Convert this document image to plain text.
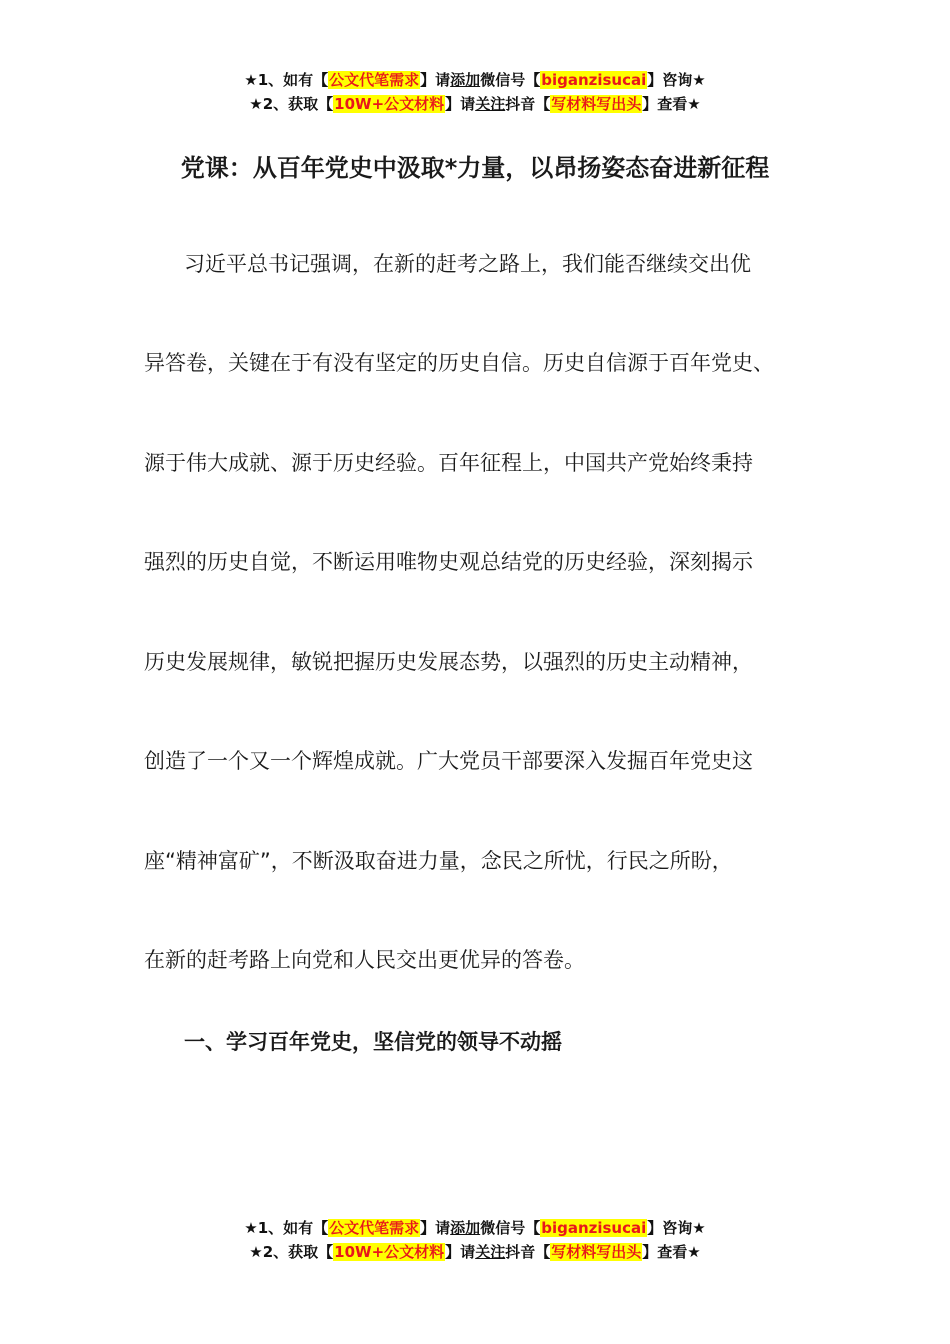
★1、如有【公文代笔需求】请添加微信号【biganzisucai】咨询★
★2、获取【10W+公文材料】请关注抖音【写材料写出头】查看★
党课：从百年党史中汲取*力量，以昂扬姿态奋进新征程
习近平总书记强调，在新的赶考之路上，我们能否继续交出优
异答卷，关键在于有没有坚定的历史自信。历史自信源于百年党史、
源于伟大成就、源于历史经验。百年征程上，中国共产党始终秉持
强烈的历史自觉，不断运用唯物史观总结党的历史经验，深刻揭示
历史发展规律，敏锐把握历史发展态势，以强烈的历史主动精神，
创造了一个又一个辉煌成就。广大党员干部要深入发掘百年党史这
座“精神富矿”，不断汲取奋进力量，念民之所忧，行民之所盼，
在新的赶考路上向党和人民交出更优异的答卷。
一、学习百年党史，坚信党的领导不动摇
★1、如有【公文代笔需求】请添加微信号【biganzisucai】咨询★
★2、获取【10W+公文材料】请关注抖音【写材料写出头】查看★
